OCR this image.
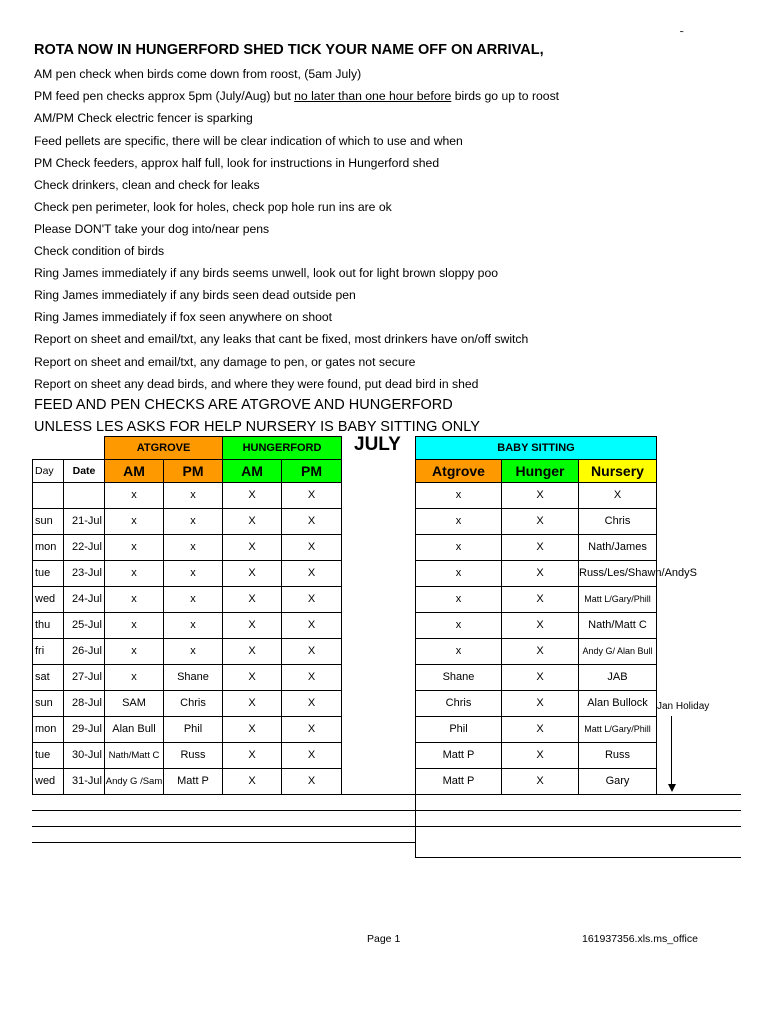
˜
ROTA NOW IN HUNGERFORD SHED TICK YOUR NAME OFF ON ARRIVAL,
AM pen check when birds come down from roost, (5am July)
PM feed pen checks approx 5pm (July/Aug) but no later than one hour before birds go up to roost
AM/PM Check electric fencer is sparking
Feed pellets are specific, there will be clear indication of which to use and when
PM Check feeders, approx half full, look for instructions in Hungerford shed
Check drinkers, clean and check for leaks
Check pen perimeter, look for holes, check pop hole run ins are ok
Please DON'T take your dog into/near pens
Check condition of birds
Ring James immediately if any birds seems unwell, look out for light brown sloppy poo
Ring James immediately if any birds seen dead outside pen
Ring James immediately if fox seen anywhere on shoot
Report on sheet and email/txt, any leaks that cant be fixed, most drinkers have on/off switch
Report on sheet and email/txt, any damage to pen, or gates not secure
Report on sheet any dead birds, and where they were found, put dead bird in shed
FEED AND PEN CHECKS ARE ATGROVE AND HUNGERFORD
UNLESS LES ASKS FOR HELP NURSERY IS BABY SITTING ONLY
JULY
		ATGROVE		HUNGERFORD	
Day	Date	AM	PM	AM	PM
		x	x	X	X
sun	21-Jul	x	x	X	X
mon	22-Jul	x	x	X	X
tue	23-Jul	x	x	X	X
wed	24-Jul	x	x	X	X
thu	25-Jul	x	x	X	X
fri	26-Jul	x	x	X	X
sat	27-Jul	x	Shane	X	X
sun	28-Jul	SAM	Chris	X	X
mon	29-Jul	Alan Bull	Phil	X	X
tue	30-Jul	Nath/Matt C	Russ	X	X
wed	31-Jul	Andy G /Sam	Matt P	X	X
BABY SITTING		
Atgrove	Hunger	Nursery
x	X	X
x	X	Chris
x	X	Nath/James
x	X	Russ/Les/Shawn/AndyS
x	X	Matt L/Gary/Phill
x	X	Nath/Matt C
x	X	Andy G/ Alan Bull
Shane	X	JAB
Chris	X	Alan Bullock
Phil	X	Matt L/Gary/Phill
Matt P	X	Russ
Matt P	X	Gary
Jan Holiday
Page 1	161937356.xls.ms_office
